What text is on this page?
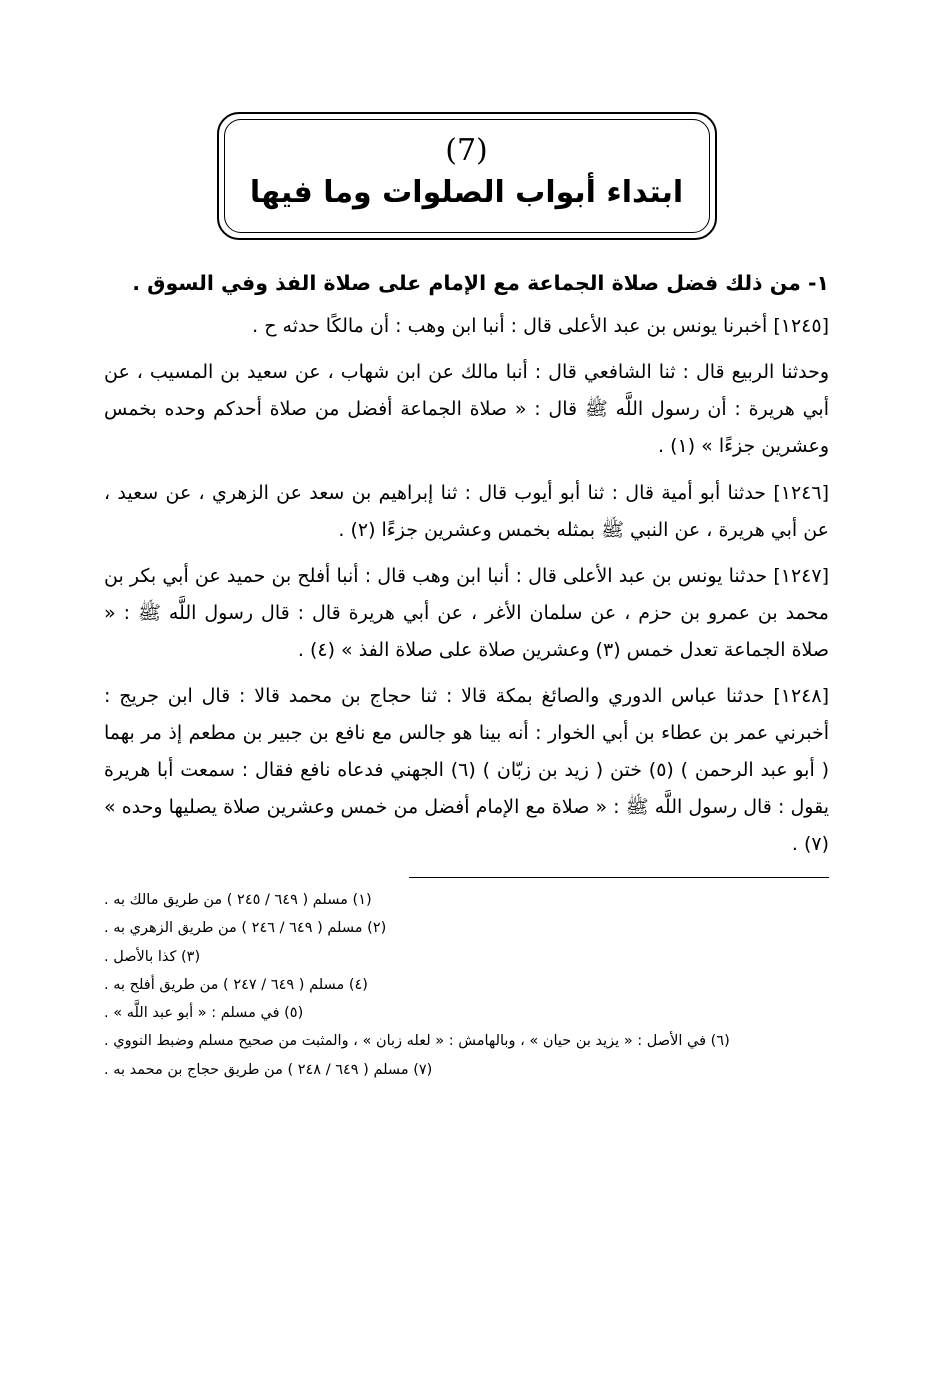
(7)
ابتداء أبواب الصلوات وما فيها
١- من ذلك فضل صلاة الجماعة مع الإمام على صلاة الفذ وفي السوق .

[١٢٤٥] أخبرنا يونس بن عبد الأعلى قال : أنبا ابن وهب : أن مالكًا حدثه ح .

وحدثنا الربيع قال : ثنا الشافعي قال : أنبا مالك عن ابن شهاب ، عن سعيد بن المسيب ، عن أبي هريرة : أن رسول اللَّه ﷺ قال : « صلاة الجماعة أفضل من صلاة أحدكم وحده بخمس وعشرين جزءًا » (١) .

[١٢٤٦] حدثنا أبو أمية قال : ثنا أبو أيوب قال : ثنا إبراهيم بن سعد عن الزهري ، عن سعيد ، عن أبي هريرة ، عن النبي ﷺ بمثله بخمس وعشرين جزءًا (٢) .

[١٢٤٧] حدثنا يونس بن عبد الأعلى قال : أنبا ابن وهب قال : أنبا أفلح بن حميد عن أبي بكر بن محمد بن عمرو بن حزم ، عن سلمان الأغر ، عن أبي هريرة قال : قال رسول اللَّه ﷺ : « صلاة الجماعة تعدل خمس (٣) وعشرين صلاة على صلاة الفذ » (٤) .

[١٢٤٨] حدثنا عباس الدوري والصائغ بمكة قالا : ثنا حجاج بن محمد قالا : قال ابن جريج : أخبرني عمر بن عطاء بن أبي الخوار : أنه بينا هو جالس مع نافع بن جبير بن مطعم إذ مر بهما ( أبو عبد الرحمن ) (٥) ختن ( زيد بن زبّان ) (٦) الجهني فدعاه نافع فقال : سمعت أبا هريرة يقول : قال رسول اللَّه ﷺ : « صلاة مع الإمام أفضل من خمس وعشرين صلاة يصليها وحده » (٧) .

(١) مسلم ( ٦٤٩ / ٢٤٥ ) من طريق مالك به .

(٢) مسلم ( ٦٤٩ / ٢٤٦ ) من طريق الزهري به .

(٣) كذا بالأصل .

(٤) مسلم ( ٦٤٩ / ٢٤٧ ) من طريق أفلح به .

(٥) في مسلم : « أبو عبد اللَّه » .

(٦) في الأصل : « يزيد بن حيان » ، وبالهامش : « لعله زبان » ، والمثبت من صحيح مسلم وضبط النووي .

(٧) مسلم ( ٦٤٩ / ٢٤٨ ) من طريق حجاج بن محمد به .
